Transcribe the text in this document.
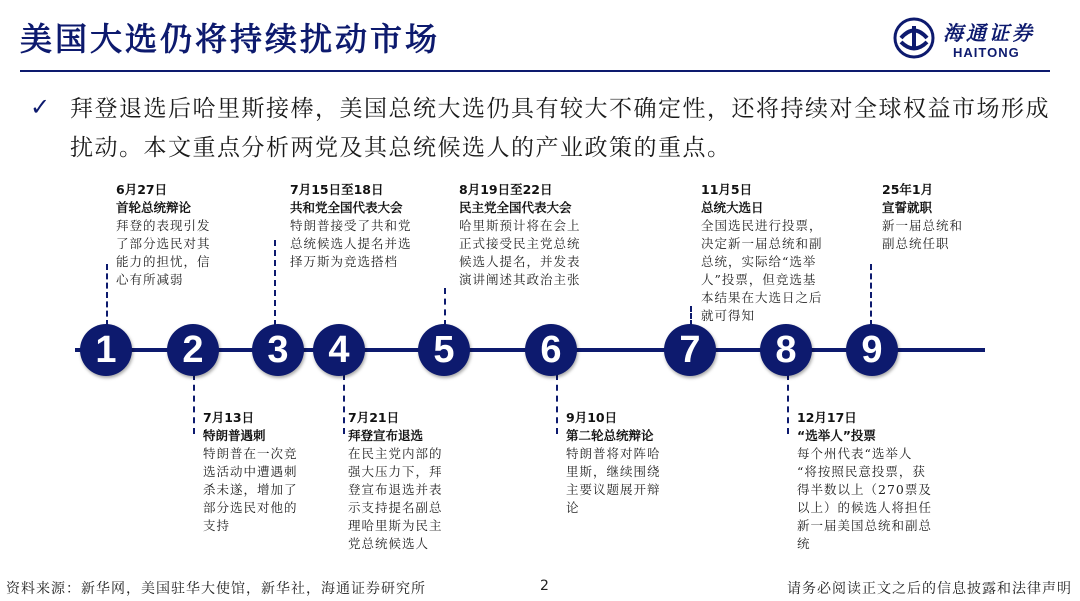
美国大选仍将持续扰动市场	海通证券
HAITONG
✓ 拜登退选后哈里斯接棒，美国总统大选仍具有较大不确定性，还将持续对全球权益市场形成扰动。本文重点分析两党及其总统候选人的产业政策的重点。

1	2	3	4	5	6	7	8	9
6月27日
首轮总统辩论
拜登的表现引发
了部分选民对其
能力的担忧，信
心有所减弱
7月15日至18日
共和党全国代表大会
特朗普接受了共和党
总统候选人提名并选
择万斯为竞选搭档
8月19日至22日
民主党全国代表大会
哈里斯预计将在会上
正式接受民主党总统
候选人提名，并发表
演讲阐述其政治主张
11月5日
总统大选日
全国选民进行投票，
决定新一届总统和副
总统，实际给“选举
人”投票，但竞选基
本结果在大选日之后
就可得知
25年1月
宣誓就职
新一届总统和
副总统任职
7月13日
特朗普遇刺
特朗普在一次竞
选活动中遭遇刺
杀未遂，增加了
部分选民对他的
支持
7月21日
拜登宣布退选
在民主党内部的
强大压力下，拜
登宣布退选并表
示支持提名副总
理哈里斯为民主
党总统候选人
9月10日
第二轮总统辩论
特朗普将对阵哈
里斯，继续围绕
主要议题展开辩
论
12月17日
“选举人”投票
每个州代表“选举人
“将按照民意投票，获
得半数以上（270票及
以上）的候选人将担任
新一届美国总统和副总
统
资料来源：新华网，美国驻华大使馆，新华社，海通证券研究所	2	请务必阅读正文之后的信息披露和法律声明
